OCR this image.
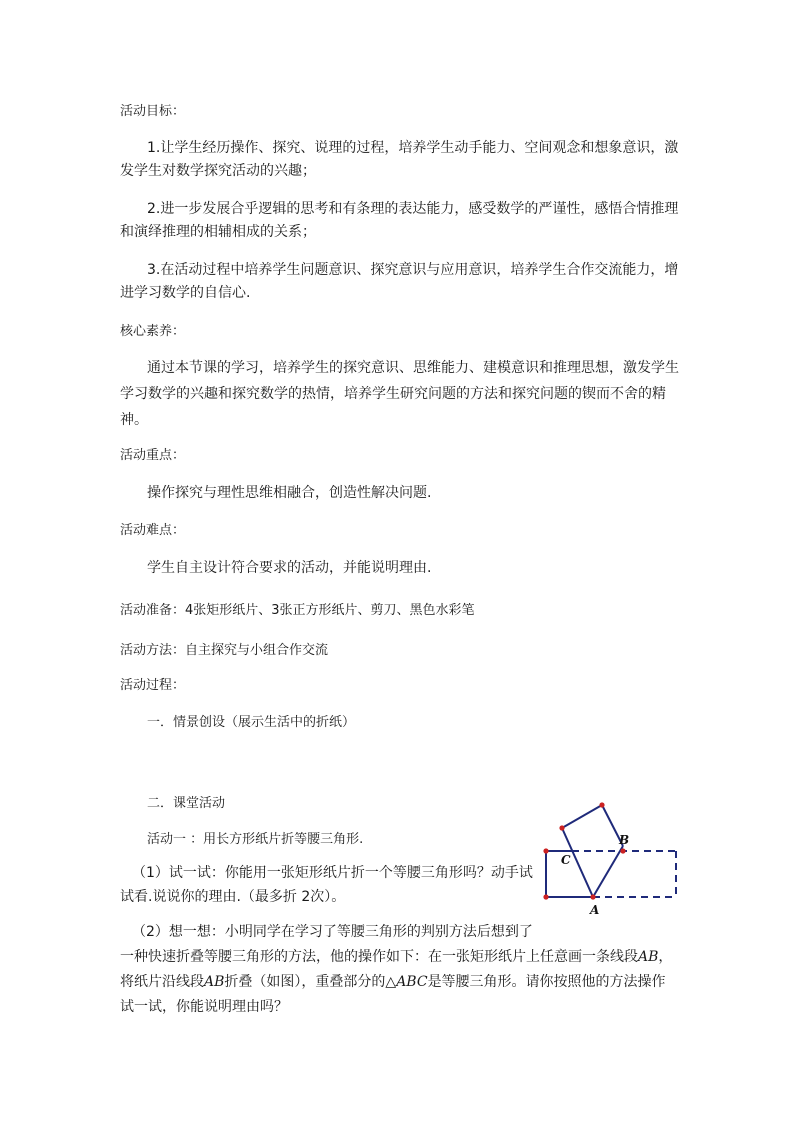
活动目标：
1.让学生经历操作、探究、说理的过程，培养学生动手能力、空间观念和想象意识，激
发学生对数学探究活动的兴趣；
2.进一步发展合乎逻辑的思考和有条理的表达能力，感受数学的严谨性，感悟合情推理
和演绎推理的相辅相成的关系；
3.在活动过程中培养学生问题意识、探究意识与应用意识，培养学生合作交流能力，增
进学习数学的自信心.
核心素养：
通过本节课的学习，培养学生的探究意识、思维能力、建模意识和推理思想，激发学生
学习数学的兴趣和探究数学的热情，培养学生研究问题的方法和探究问题的锲而不舍的精
神。
活动重点：
操作探究与理性思维相融合，创造性解决问题.
活动难点：
学生自主设计符合要求的活动，并能说明理由.
活动准备：4张矩形纸片、3张正方形纸片、剪刀、黑色水彩笔
活动方法：自主探究与小组合作交流
活动过程：
一．情景创设（展示生活中的折纸）
二．课堂活动
活动一 ：用长方形纸片折等腰三角形.
（1）试一试：你能用一张矩形纸片折一个等腰三角形吗？动手试
试看.说说你的理由.（最多折 2次）。
（2）想一想：小明同学在学习了等腰三角形的判别方法后想到了
一种快速折叠等腰三角形的方法，他的操作如下：在一张矩形纸片上任意画一条线段AB，
将纸片沿线段AB折叠（如图），重叠部分的△ABC是等腰三角形。请你按照他的方法操作
试一试，你能说明理由吗？
A
B
C
